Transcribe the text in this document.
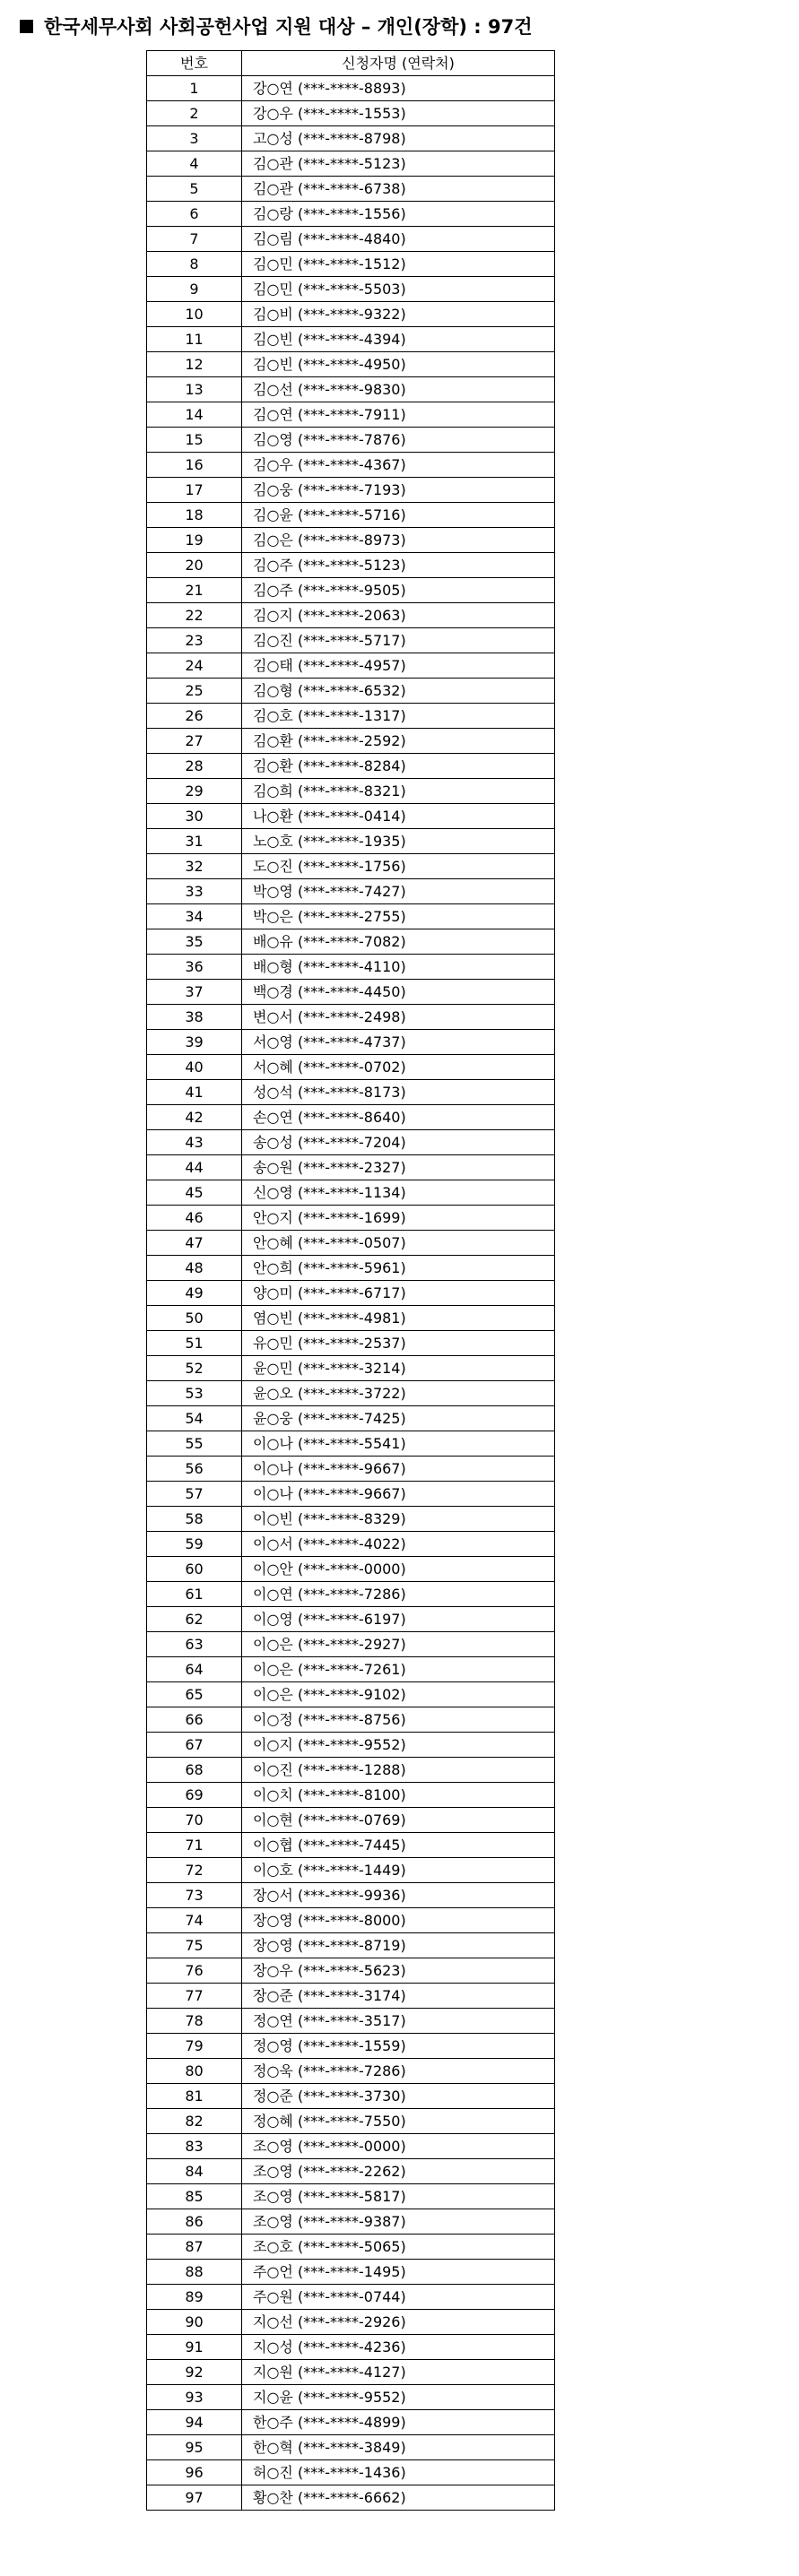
한국세무사회 사회공헌사업 지원 대상 – 개인(장학) : 97건
번호	신청자명 (연락처)
1	강○연 (***-****-8893)
2	강○우 (***-****-1553)
3	고○성 (***-****-8798)
4	김○관 (***-****-5123)
5	김○관 (***-****-6738)
6	김○랑 (***-****-1556)
7	김○림 (***-****-4840)
8	김○민 (***-****-1512)
9	김○민 (***-****-5503)
10	김○비 (***-****-9322)
11	김○빈 (***-****-4394)
12	김○빈 (***-****-4950)
13	김○선 (***-****-9830)
14	김○연 (***-****-7911)
15	김○영 (***-****-7876)
16	김○우 (***-****-4367)
17	김○웅 (***-****-7193)
18	김○윤 (***-****-5716)
19	김○은 (***-****-8973)
20	김○주 (***-****-5123)
21	김○주 (***-****-9505)
22	김○지 (***-****-2063)
23	김○진 (***-****-5717)
24	김○태 (***-****-4957)
25	김○형 (***-****-6532)
26	김○호 (***-****-1317)
27	김○환 (***-****-2592)
28	김○환 (***-****-8284)
29	김○희 (***-****-8321)
30	나○환 (***-****-0414)
31	노○호 (***-****-1935)
32	도○진 (***-****-1756)
33	박○영 (***-****-7427)
34	박○은 (***-****-2755)
35	배○유 (***-****-7082)
36	배○형 (***-****-4110)
37	백○경 (***-****-4450)
38	변○서 (***-****-2498)
39	서○영 (***-****-4737)
40	서○혜 (***-****-0702)
41	성○석 (***-****-8173)
42	손○연 (***-****-8640)
43	송○성 (***-****-7204)
44	송○원 (***-****-2327)
45	신○영 (***-****-1134)
46	안○지 (***-****-1699)
47	안○혜 (***-****-0507)
48	안○희 (***-****-5961)
49	양○미 (***-****-6717)
50	염○빈 (***-****-4981)
51	유○민 (***-****-2537)
52	윤○민 (***-****-3214)
53	윤○오 (***-****-3722)
54	윤○웅 (***-****-7425)
55	이○나 (***-****-5541)
56	이○나 (***-****-9667)
57	이○나 (***-****-9667)
58	이○빈 (***-****-8329)
59	이○서 (***-****-4022)
60	이○안 (***-****-0000)
61	이○연 (***-****-7286)
62	이○영 (***-****-6197)
63	이○은 (***-****-2927)
64	이○은 (***-****-7261)
65	이○은 (***-****-9102)
66	이○정 (***-****-8756)
67	이○지 (***-****-9552)
68	이○진 (***-****-1288)
69	이○치 (***-****-8100)
70	이○현 (***-****-0769)
71	이○협 (***-****-7445)
72	이○호 (***-****-1449)
73	장○서 (***-****-9936)
74	장○영 (***-****-8000)
75	장○영 (***-****-8719)
76	장○우 (***-****-5623)
77	장○준 (***-****-3174)
78	정○연 (***-****-3517)
79	정○영 (***-****-1559)
80	정○욱 (***-****-7286)
81	정○준 (***-****-3730)
82	정○혜 (***-****-7550)
83	조○영 (***-****-0000)
84	조○영 (***-****-2262)
85	조○영 (***-****-5817)
86	조○영 (***-****-9387)
87	조○호 (***-****-5065)
88	주○언 (***-****-1495)
89	주○원 (***-****-0744)
90	지○선 (***-****-2926)
91	지○성 (***-****-4236)
92	지○원 (***-****-4127)
93	지○윤 (***-****-9552)
94	한○주 (***-****-4899)
95	한○혁 (***-****-3849)
96	허○진 (***-****-1436)
97	황○찬 (***-****-6662)
